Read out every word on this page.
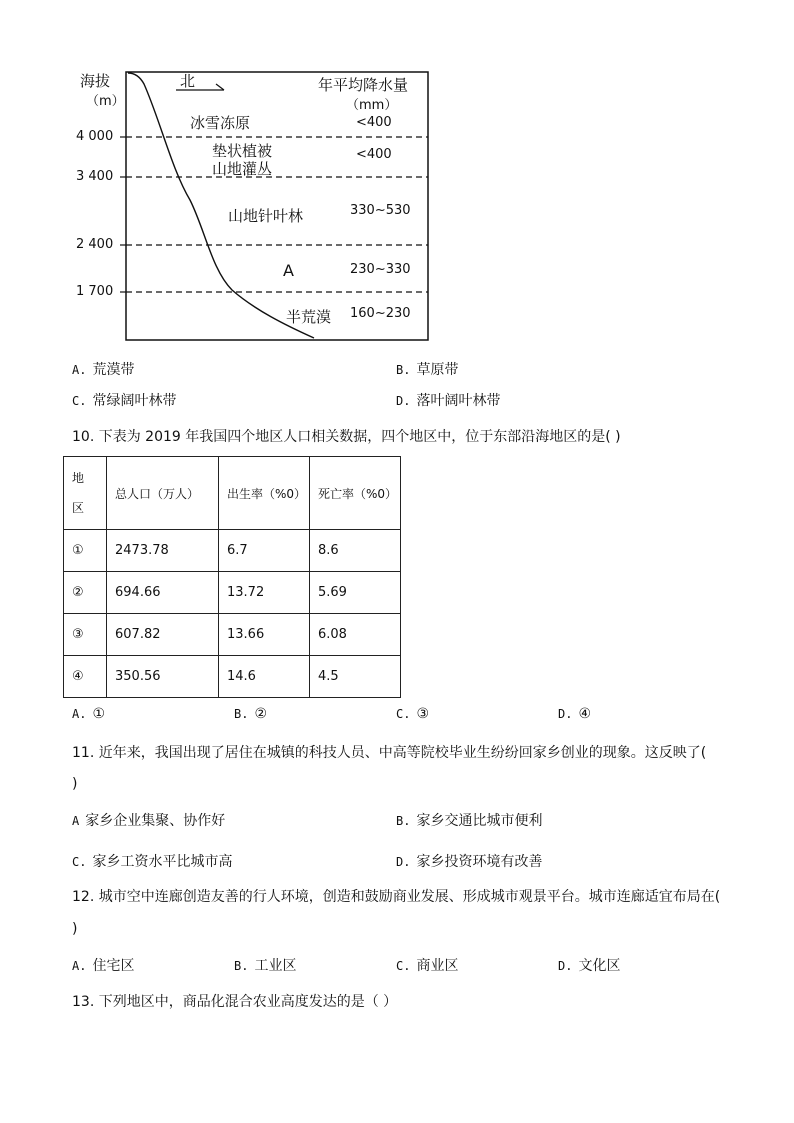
海拔
（m）
4 000
3 400
2 400
1 700
北	年平均降水量
（mm）
冰雪冻原	<400
垫状植被
山地灌丛
<400
山地针叶林	330~530
A	230~330
半荒漠 160~230
A. 荒漠带	B. 草原带
C. 常绿阔叶林带	D. 落叶阔叶林带
10. 下表为 2019 年我国四个地区人口相关数据，四个地区中，位于东部沿海地区的是( )
地
区	总人口（万人）	出生率（%0）	死亡率（%0）
①	2473.78	6.7	8.6
②	694.66	13.72	5.69
③	607.82	13.66	6.08
④	350.56	14.6	4.5
A. ①	B. ②	C. ③	D. ④
11. 近年来，我国出现了居住在城镇的科技人员、中高等院校毕业生纷纷回家乡创业的现象。这反映了(
)
A 家乡企业集聚、协作好	B. 家乡交通比城市便利
C. 家乡工资水平比城市高	D. 家乡投资环境有改善
12. 城市空中连廊创造友善的行人环境，创造和鼓励商业发展、形成城市观景平台。城市连廊适宜布局在(
)
A. 住宅区	B. 工业区	C. 商业区	D. 文化区
13. 下列地区中，商品化混合农业高度发达的是（ ）
